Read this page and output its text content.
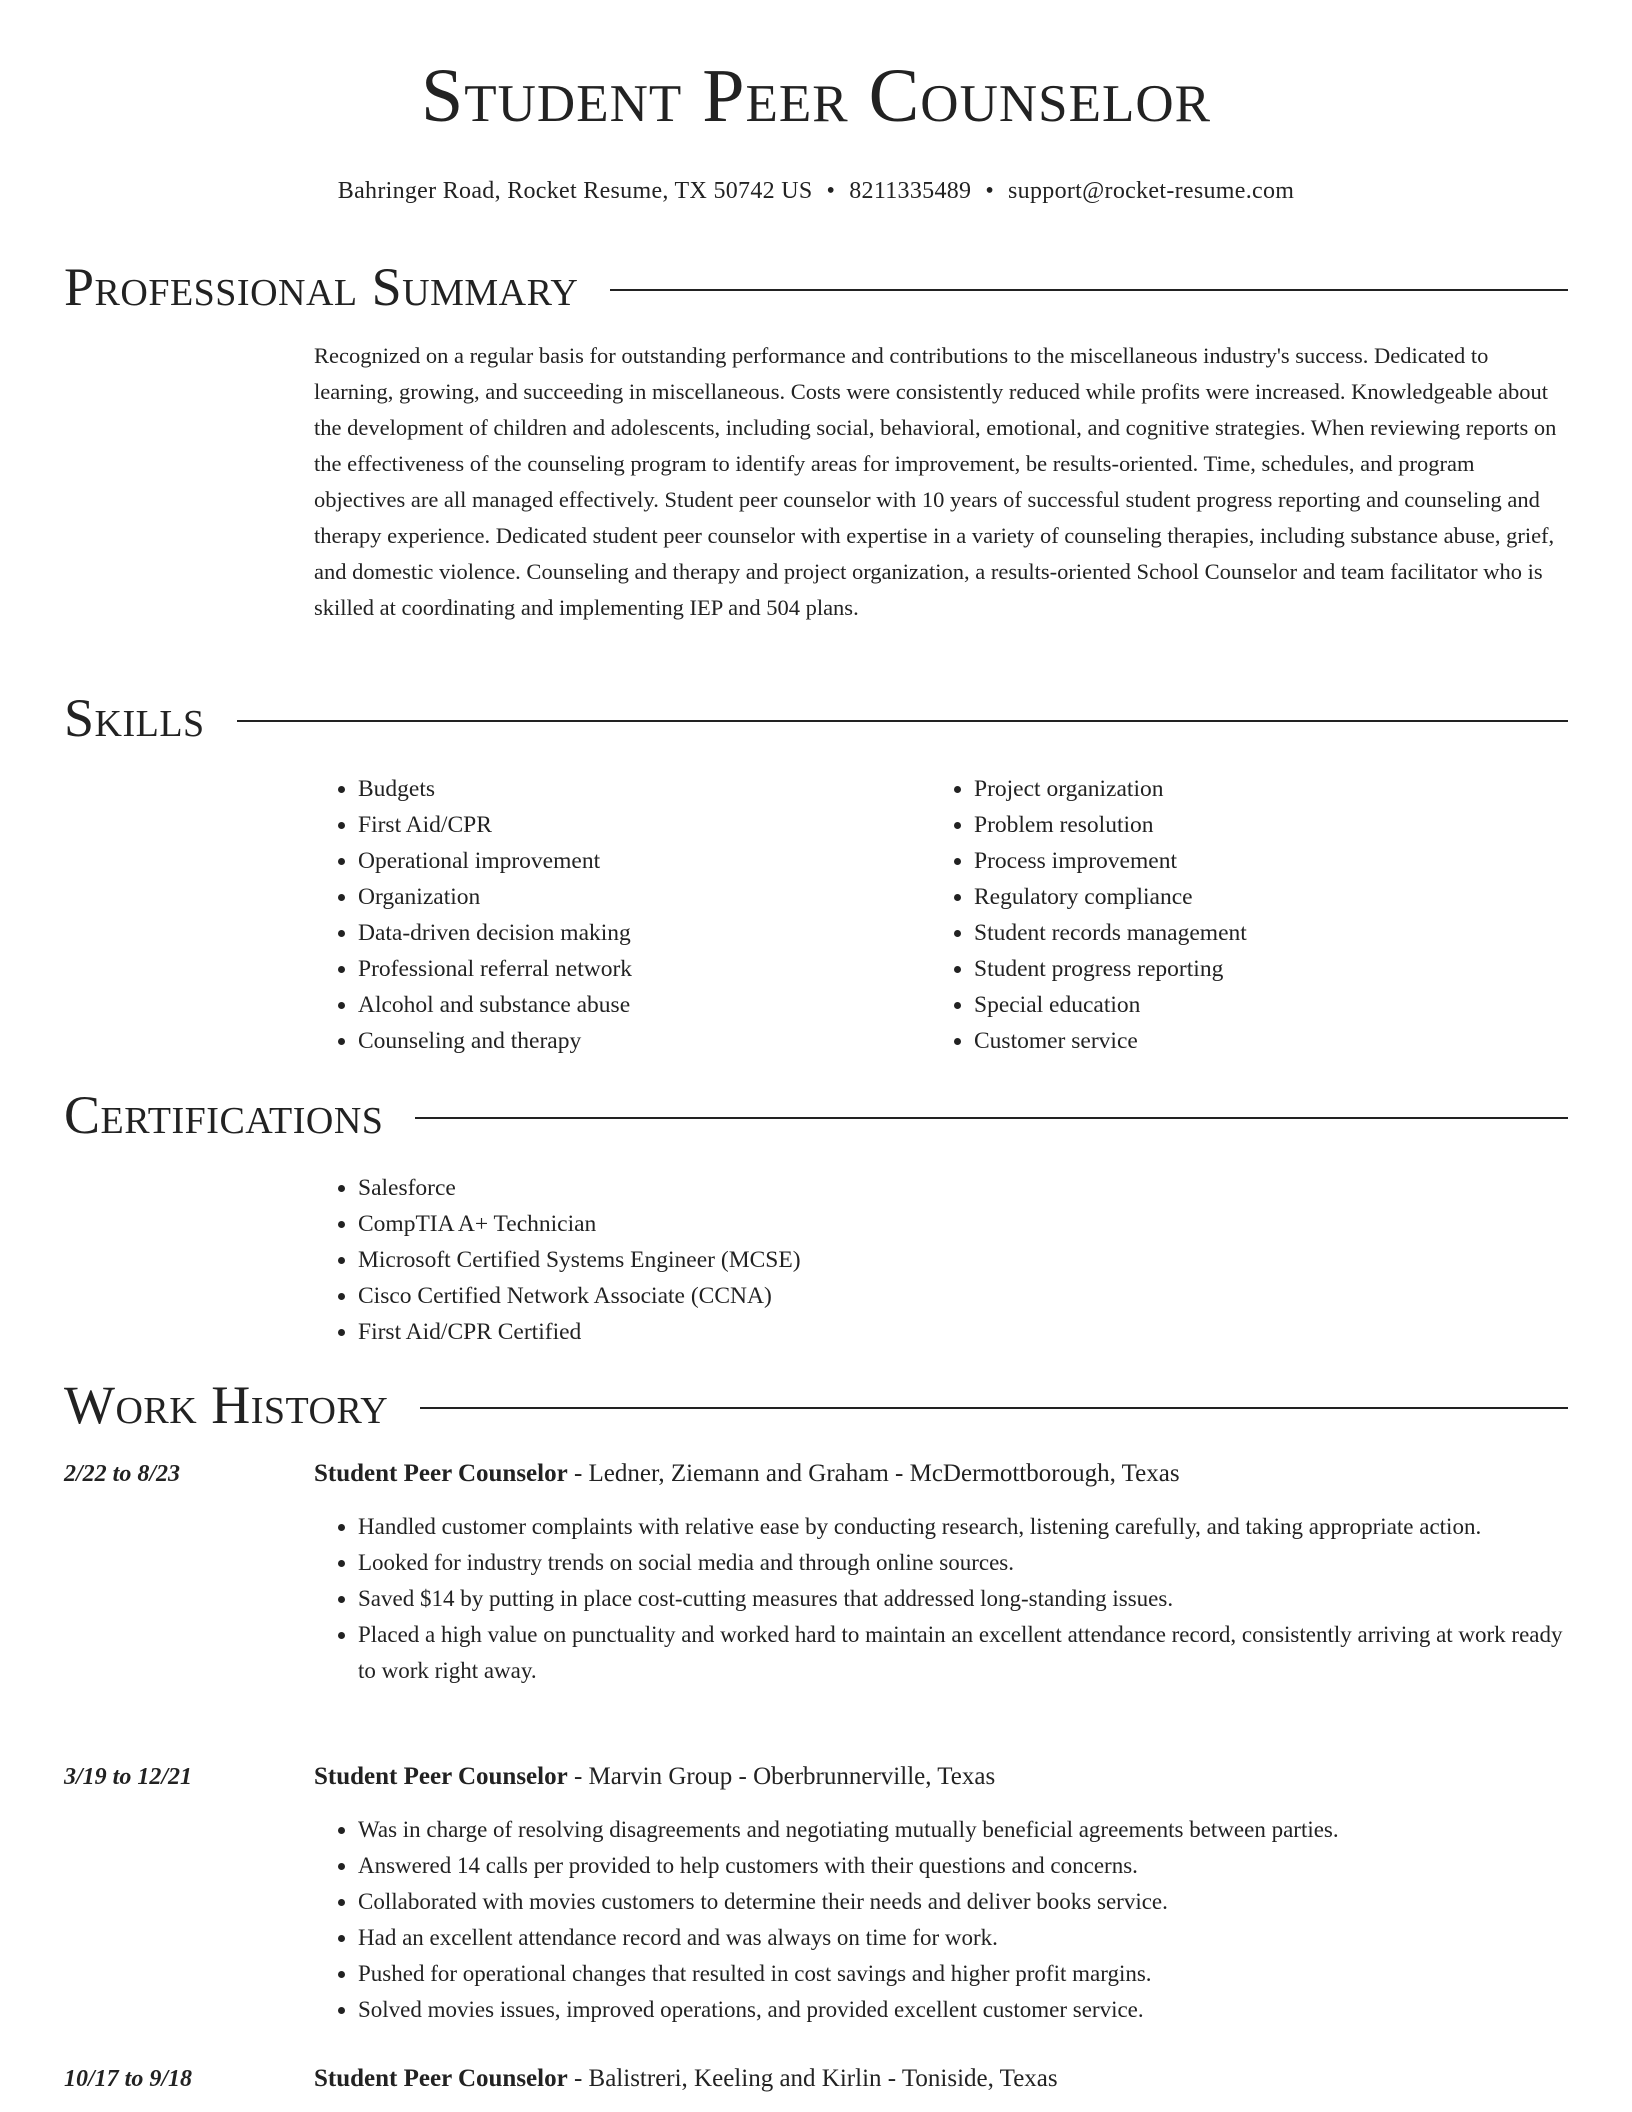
Student Peer Counselor
Bahringer Road, Rocket Resume, TX 50742 US • 8211335489 • support@rocket-resume.com
Professional Summary

Recognized on a regular basis for outstanding performance and contributions to the miscellaneous industry's success. Dedicated to learning, growing, and succeeding in miscellaneous. Costs were consistently reduced while profits were increased. Knowledgeable about the development of children and adolescents, including social, behavioral, emotional, and cognitive strategies. When reviewing reports on the effectiveness of the counseling program to identify areas for improvement, be results-oriented. Time, schedules, and program objectives are all managed effectively. Student peer counselor with 10 years of successful student progress reporting and counseling and therapy experience. Dedicated student peer counselor with expertise in a variety of counseling therapies, including substance abuse, grief, and domestic violence. Counseling and therapy and project organization, a results-oriented School Counselor and team facilitator who is skilled at coordinating and implementing IEP and 504 plans.

Skills
• Budgets
• First Aid/CPR
• Operational improvement
• Organization
• Data-driven decision making
• Professional referral network
• Alcohol and substance abuse
• Counseling and therapy
• Project organization
• Problem resolution
• Process improvement
• Regulatory compliance
• Student records management
• Student progress reporting
• Special education
• Customer service
Certifications
• Salesforce
• CompTIA A+ Technician
• Microsoft Certified Systems Engineer (MCSE)
• Cisco Certified Network Associate (CCNA)
• First Aid/CPR Certified
Work History
2/22 to 8/23	Student Peer Counselor - Ledner, Ziemann and Graham - McDermottborough, Texas
• Handled customer complaints with relative ease by conducting research, listening carefully, and taking appropriate action.
• Looked for industry trends on social media and through online sources.
• Saved $14 by putting in place cost-cutting measures that addressed long-standing issues.
• Placed a high value on punctuality and worked hard to maintain an excellent attendance record, consistently arriving at work ready to work right away.
3/19 to 12/21	Student Peer Counselor - Marvin Group - Oberbrunnerville, Texas
• Was in charge of resolving disagreements and negotiating mutually beneficial agreements between parties.
• Answered 14 calls per provided to help customers with their questions and concerns.
• Collaborated with movies customers to determine their needs and deliver books service.
• Had an excellent attendance record and was always on time for work.
• Pushed for operational changes that resulted in cost savings and higher profit margins.
• Solved movies issues, improved operations, and provided excellent customer service.
10/17 to 9/18	Student Peer Counselor - Balistreri, Keeling and Kirlin - Toniside, Texas
